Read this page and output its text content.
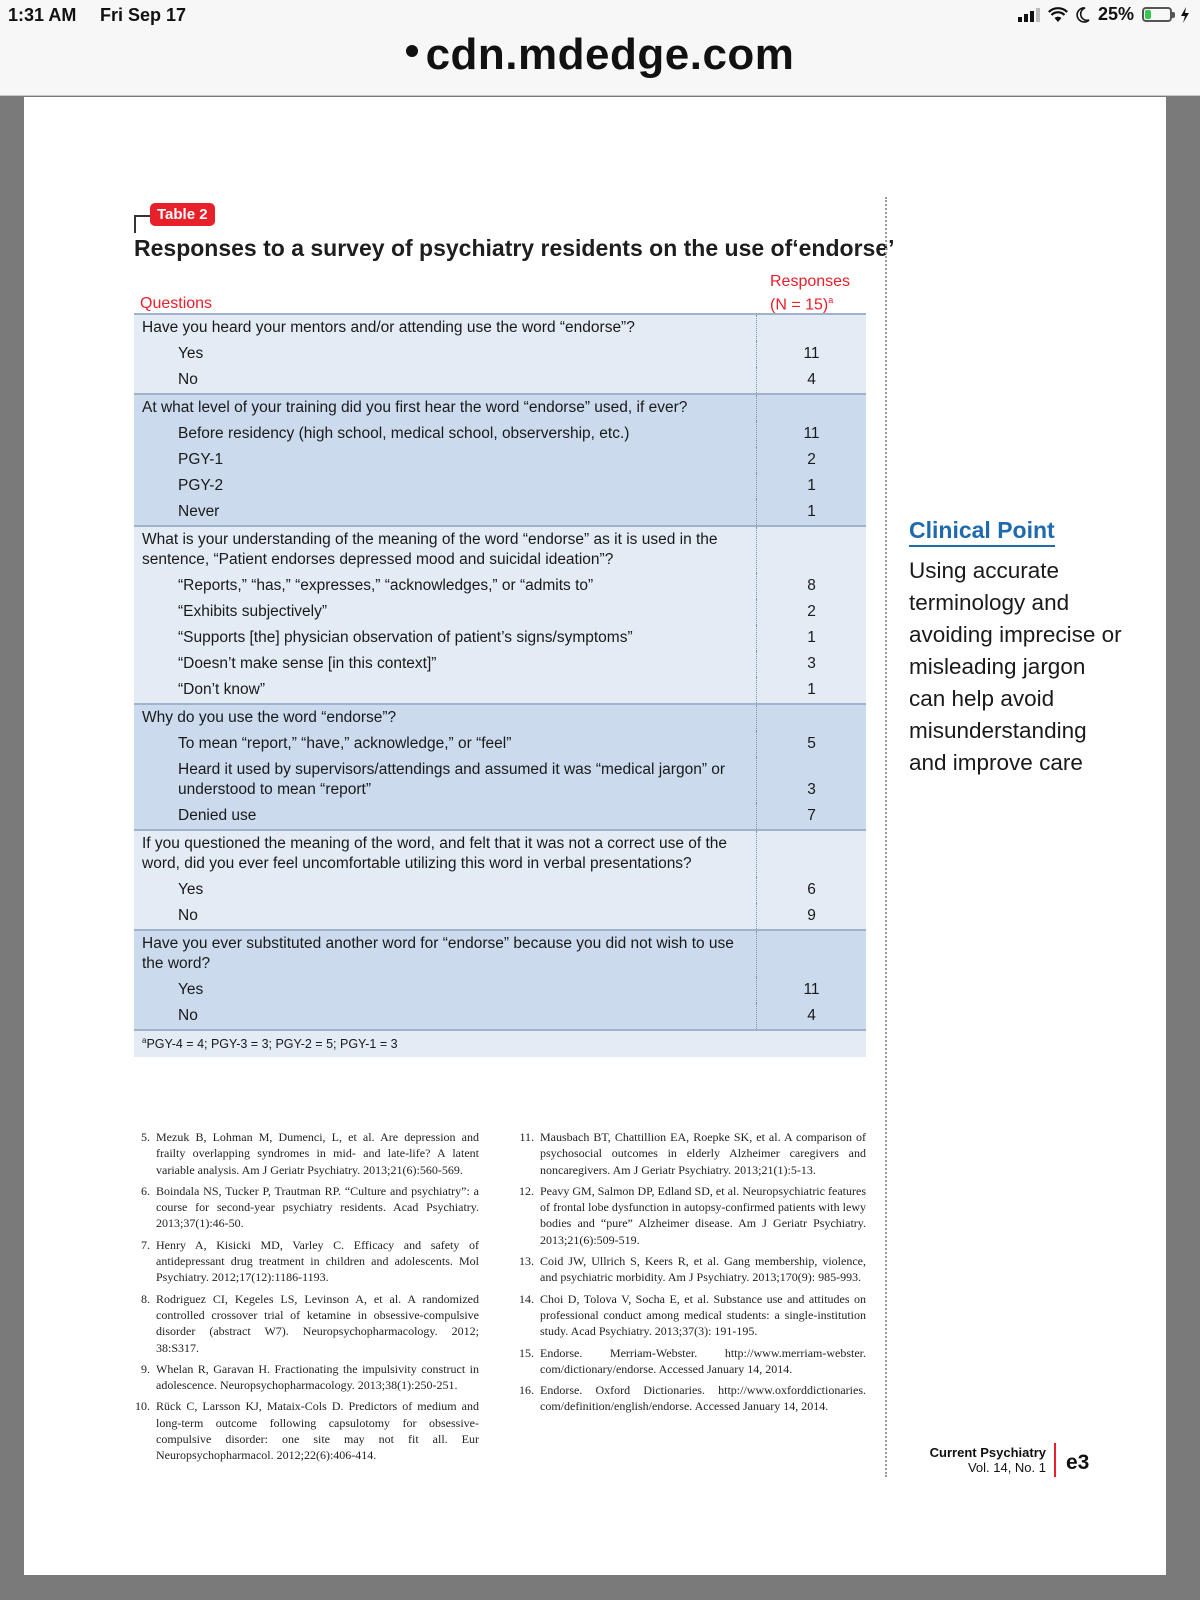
1:31 AM Fri Sep 17	25%
cdn.mdedge.com
Table 2
Responses to a survey of psychiatry residents on the use of‘endorse’
Questions
Responses
(N = 15)$^a$
Have you heard your mentors and/or attending use the word “endorse”?
Yes	11
No	4
At what level of your training did you first hear the word “endorse” used, if ever?
Before residency (high school, medical school, observership, etc.)	11
PGY-1	2
PGY-2	1
Never	1
What is your understanding of the meaning of the word “endorse” as it is used in the sentence, “Patient endorses depressed mood and suicidal ideation”?
“Reports,” “has,” “expresses,” “acknowledges,” or “admits to”	8
“Exhibits subjectively”	2
“Supports [the] physician observation of patient’s signs/symptoms”	1
“Doesn’t make sense [in this context]”	3
“Don’t know”	1
Why do you use the word “endorse”?
To mean “report,” “have,” acknowledge,” or “feel”	5
Heard it used by supervisors/attendings and assumed it was “medical jargon” or understood to mean “report”	3
Denied use	7
If you questioned the meaning of the word, and felt that it was not a correct use of the word, did you ever feel uncomfortable utilizing this word in verbal presentations?
Yes	6
No	9
Have you ever substituted another word for “endorse” because you did not wish to use the word?
Yes	11
No	4
$^a$PGY-4 = 4; PGY-3 = 3; PGY-2 = 5; PGY-1 = 3
Clinical Point
Using accurate terminology and avoiding imprecise or misleading jargon can help avoid misunderstanding and improve care
5. Mezuk B, Lohman M, Dumenci, L, et al. Are depression and frailty overlapping syndromes in mid- and late-life? A latent variable analysis. Am J Geriatr Psychiatry. 2013;21(6):560-569.
6. Boindala NS, Tucker P, Trautman RP. “Culture and psychiatry”: a course for second-year psychiatry residents. Acad Psychiatry. 2013;37(1):46-50.
7. Henry A, Kisicki MD, Varley C. Efficacy and safety of antidepressant drug treatment in children and adolescents. Mol Psychiatry. 2012;17(12):1186-1193.
8. Rodriguez CI, Kegeles LS, Levinson A, et al. A randomized controlled crossover trial of ketamine in obsessive-compulsive disorder (abstract W7). Neuropsychopharmacology. 2012; 38:S317.
9. Whelan R, Garavan H. Fractionating the impulsivity construct in adolescence. Neuropsychopharmacology. 2013;38(1):250-251.
10. Rück C, Larsson KJ, Mataix-Cols D. Predictors of medium and long-term outcome following capsulotomy for obsessive-compulsive disorder: one site may not fit all. Eur Neuropsychopharmacol. 2012;22(6):406-414.
11. Mausbach BT, Chattillion EA, Roepke SK, et al. A comparison of psychosocial outcomes in elderly Alzheimer caregivers and noncaregivers. Am J Geriatr Psychiatry. 2013;21(1):5-13.
12. Peavy GM, Salmon DP, Edland SD, et al. Neuropsychiatric features of frontal lobe dysfunction in autopsy-confirmed patients with lewy bodies and “pure” Alzheimer disease. Am J Geriatr Psychiatry. 2013;21(6):509-519.
13. Coid JW, Ullrich S, Keers R, et al. Gang membership, violence, and psychiatric morbidity. Am J Psychiatry. 2013;170(9): 985-993.
14. Choi D, Tolova V, Socha E, et al. Substance use and attitudes on professional conduct among medical students: a single-institution study. Acad Psychiatry. 2013;37(3): 191-195.
15. Endorse. Merriam-Webster. http://www.merriam-webster. com/dictionary/endorse. Accessed January 14, 2014.
16. Endorse. Oxford Dictionaries. http://www.oxforddictionaries. com/definition/english/endorse. Accessed January 14, 2014.
Current Psychiatry
Vol. 14, No. 1 e3
